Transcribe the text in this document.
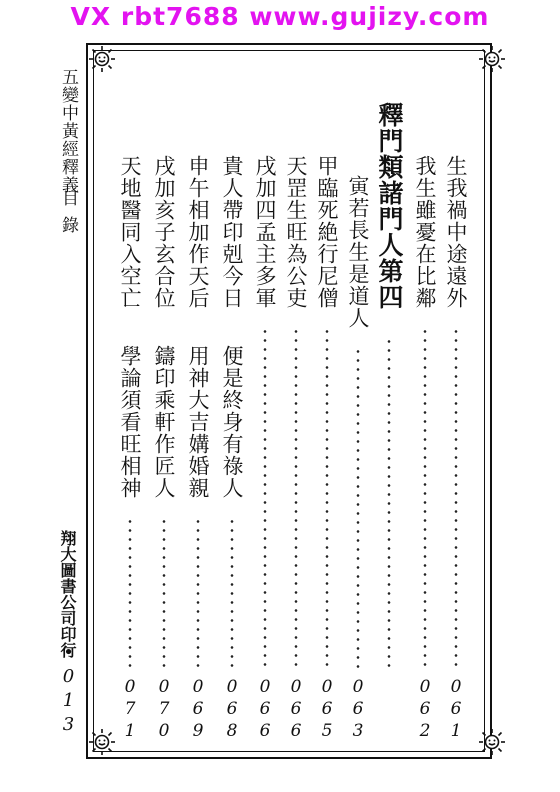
VX rbt7688 www.gujizy.com
五變中黃經釋義
目錄
翔大圖書公司印行
•013
生我禍中途遠外
061
我生雖憂在比鄰
062
釋門類諸門人第四
寅若長生是道人
063
甲臨死絶行尼僧
065
天罡生旺為公吏
066
戌加四孟主多軍
066
貴人帶印剋今日
便是終身有祿人
068
申午相加作天后
用神大吉媾婚親
069
戌加亥子玄合位
鑄印乘軒作匠人
070
天地醫同入空亡
學論須看旺相神
071
